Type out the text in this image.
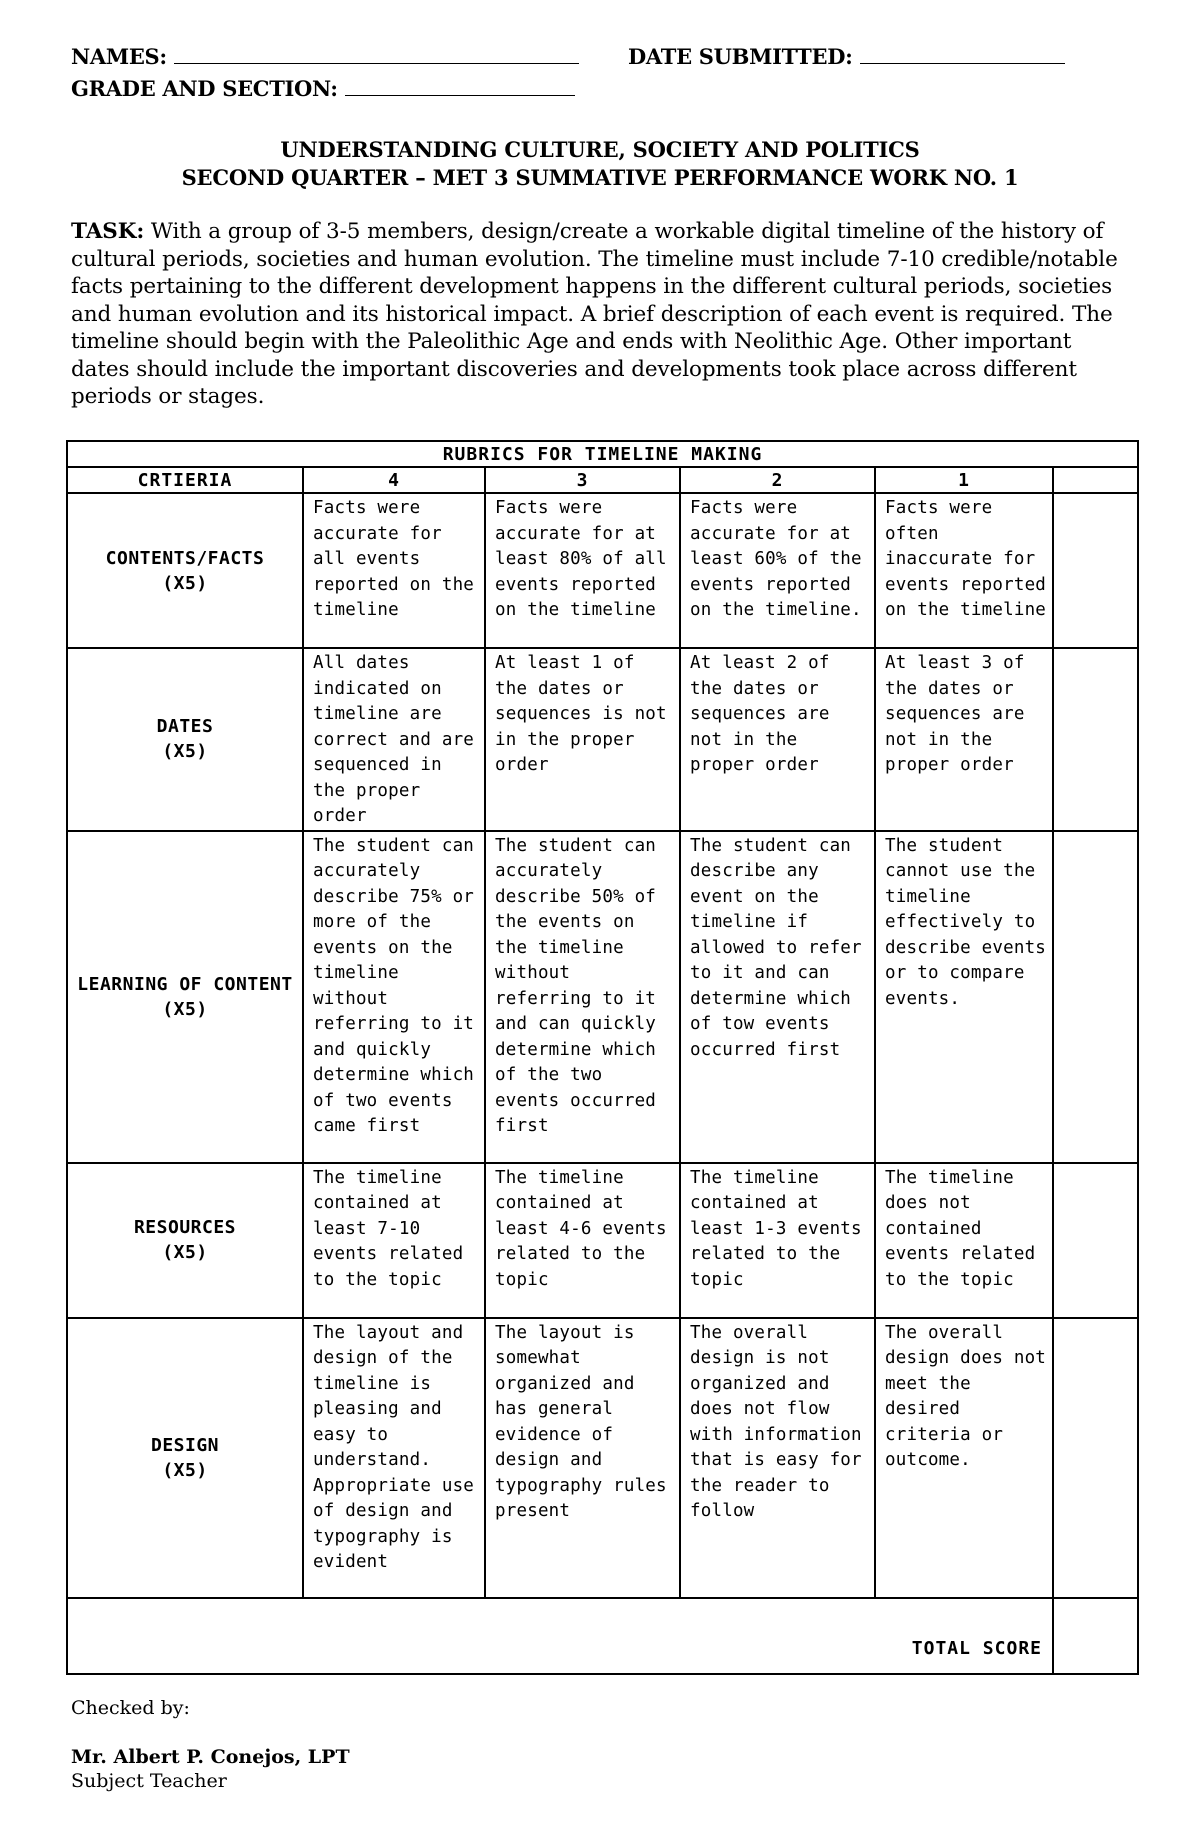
NAMES:	DATE SUBMITTED:
GRADE AND SECTION:
UNDERSTANDING CULTURE, SOCIETY AND POLITICS
SECOND QUARTER – MET 3 SUMMATIVE PERFORMANCE WORK NO. 1
TASK: With a group of 3-5 members, design/create a workable digital timeline of the history of cultural periods, societies and human evolution. The timeline must include 7-10 credible/notable facts pertaining to the different development happens in the different cultural periods, societies and human evolution and its historical impact. A brief description of each event is required. The timeline should begin with the Paleolithic Age and ends with Neolithic Age. Other important dates should include the important discoveries and developments took place across different periods or stages.
RUBRICS FOR TIMELINE MAKING					
CRTIERIA	4	3	2	1	

CONTENTS/FACTS
(X5)	Facts were accurate for all events reported on the timeline	Facts were accurate for at least 80% of all events reported on the timeline	Facts were accurate for at least 60% of the events reported on the timeline.	Facts were often inaccurate for events reported on the timeline	

DATES
(X5)	All dates indicated on timeline are correct and are sequenced in the proper order	At least 1 of the dates or sequences is not in the proper order	At least 2 of the dates or sequences are not in the proper order	At least 3 of the dates or sequences are not in the proper order	

LEARNING OF CONTENT
(X5)	The student can accurately describe 75% or more of the events on the timeline without referring to it and quickly determine which of two events came first	The student can accurately describe 50% of the events on the timeline without referring to it and can quickly determine which of the two events occurred first	The student can describe any event on the timeline if allowed to refer to it and can determine which of tow events occurred first	The student cannot use the timeline effectively to describe events or to compare events.	

RESOURCES
(X5)	The timeline contained at least 7-10 events related to the topic	The timeline contained at least 4-6 events related to the topic	The timeline contained at least 1-3 events related to the topic	The timeline does not contained events related to the topic	

DESIGN
(X5)	The layout and design of the timeline is pleasing and easy to understand. Appropriate use of design and typography is evident	The layout is somewhat organized and has general evidence of design and typography rules present	The overall design is not organized and does not flow with information that is easy for the reader to follow	The overall design does not meet the desired criteria or outcome.	
TOTAL SCORE					
Checked by:
Mr. Albert P. Conejos, LPT
Subject Teacher
